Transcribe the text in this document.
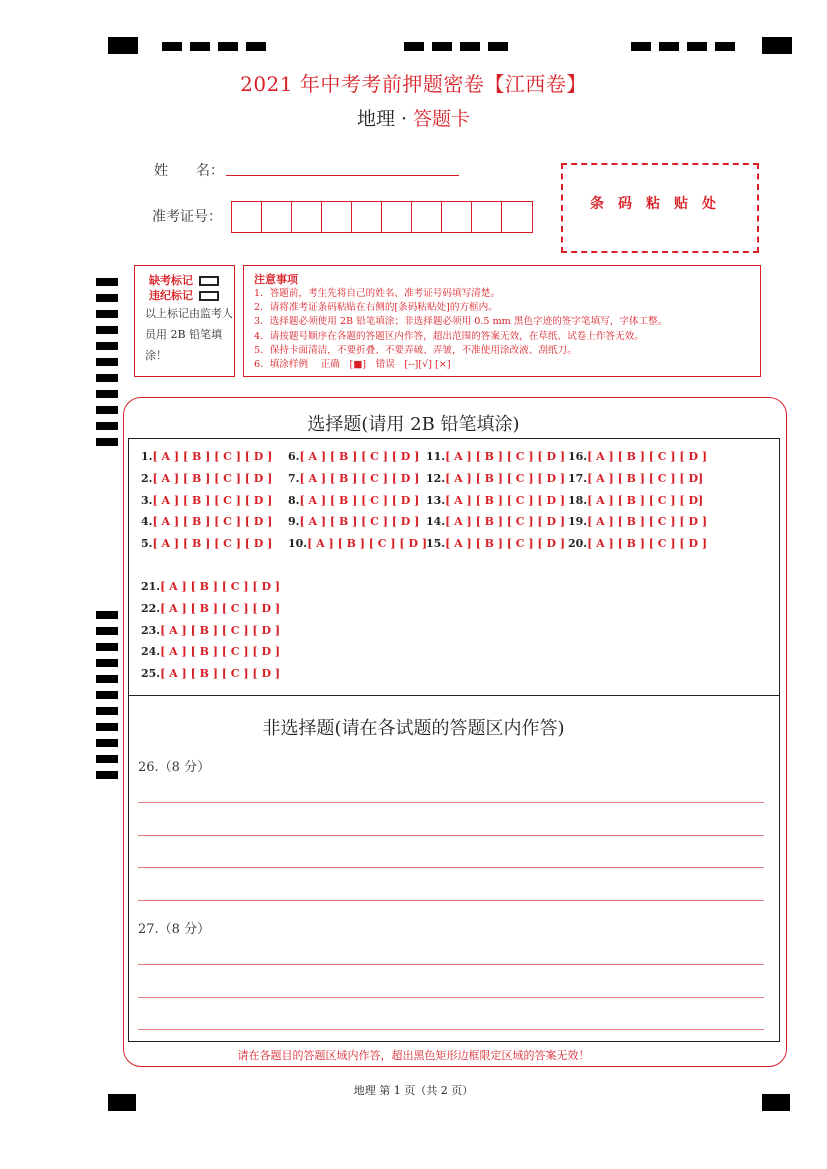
2021 年中考考前押题密卷【江西卷】
地理 · 答题卡
姓　　名：
准考证号：
条码粘贴处
缺考标记
违纪标记
以上标记由监考人员用 2B 铅笔填涂！
注意事项
1．答题前，考生先将自己的姓名、准考证号码填写清楚。
2．请将准考证条码粘贴在右侧的[条码粘贴处]的方框内。
3．选择题必须使用 2B 铅笔填涂；非选择题必须用 0.5 mm 黑色字迹的签字笔填写，字体工整。
4．请按题号顺序在各题的答题区内作答，超出范围的答案无效，在草纸、试卷上作答无效。
5．保持卡面清洁，不要折叠、不要弄破、弄皱，不准使用涂改液、刮纸刀。
6．填涂样例　 正确　[■]　错误　[--][√] [×]
选择题(请用 2B 铅笔填涂)
1.[ A ] [ B ] [ C ] [ D ]
2.[ A ] [ B ] [ C ] [ D ]
3.[ A ] [ B ] [ C ] [ D ]
4.[ A ] [ B ] [ C ] [ D ]
5.[ A ] [ B ] [ C ] [ D ]
6.[ A ] [ B ] [ C ] [ D ]
7.[ A ] [ B ] [ C ] [ D ]
8.[ A ] [ B ] [ C ] [ D ]
9.[ A ] [ B ] [ C ] [ D ]
10.[ A ] [ B ] [ C ] [ D ]
11.[ A ] [ B ] [ C ] [ D ]
12.[ A ] [ B ] [ C ] [ D ]
13.[ A ] [ B ] [ C ] [ D ]
14.[ A ] [ B ] [ C ] [ D ]
15.[ A ] [ B ] [ C ] [ D ]
16.[ A ] [ B ] [ C ] [ D ]
17.[ A ] [ B ] [ C ] [ D]
18.[ A ] [ B ] [ C ] [ D]
19.[ A ] [ B ] [ C ] [ D ]
20.[ A ] [ B ] [ C ] [ D ]
21.[ A ] [ B ] [ C ] [ D ]
22.[ A ] [ B ] [ C ] [ D ]
23.[ A ] [ B ] [ C ] [ D ]
24.[ A ] [ B ] [ C ] [ D ]
25.[ A ] [ B ] [ C ] [ D ]
非选择题(请在各试题的答题区内作答)
26.（8 分）
27.（8 分）
请在各题目的答题区域内作答，超出黑色矩形边框限定区域的答案无效！
地理 第 1 页（共 2 页）
